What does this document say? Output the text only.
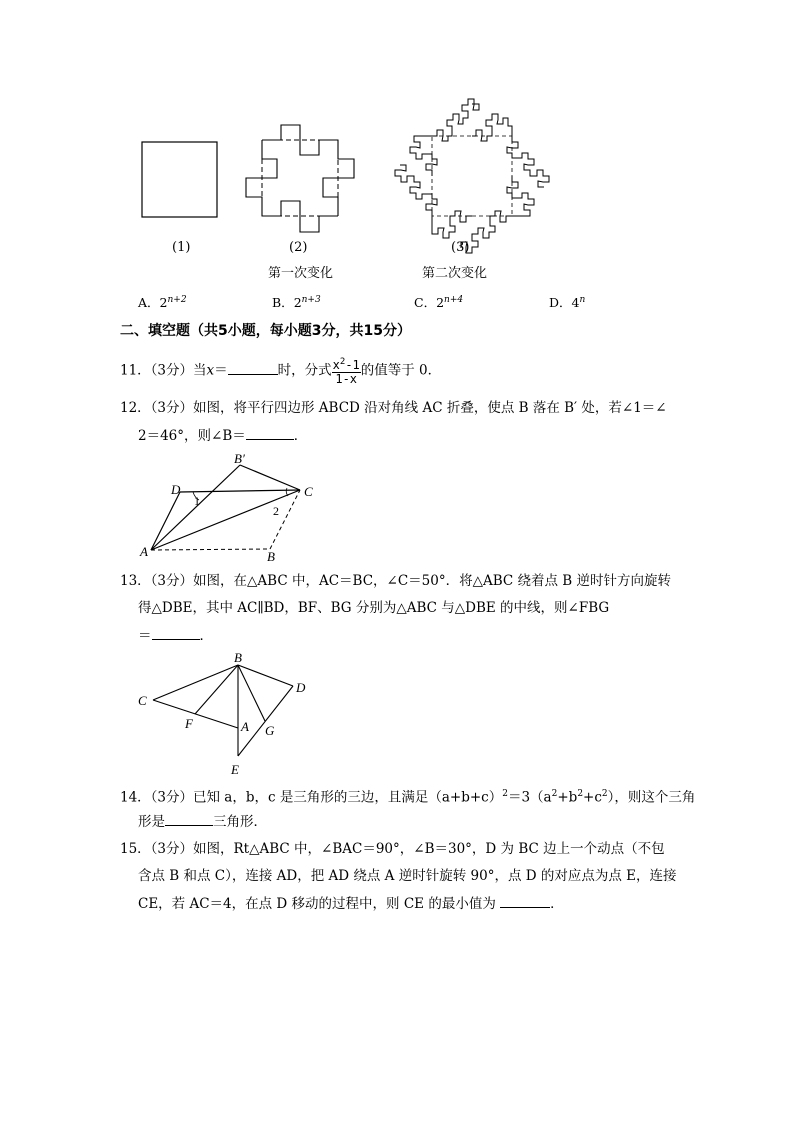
(1)	(2)	(3)
第一次变化	第二次变化
A．$2^{n+2}$	B．$2^{n+3}$	C．$2^{n+4}$	D．4$^n$
二、填空题（共5小题，每小题3分，共15分）
11．（3分）当x＝	时，分式 $\frac{x^2-1}{1-x}$ 的值等于 0．
12．（3分）如图，将平行四边形 ABCD 沿对角线 AC 折叠，使点 B 落在 B′ 处，若∠1＝∠
2＝46°，则∠B＝	．
D
B′
C
A	B
1
2
13．（3分）如图，在△ABC 中，AC＝BC，∠C＝50°．将△ABC 绕着点 B 逆时针方向旋转
得△DBE，其中 AC∥BD，BF、BG 分别为△ABC 与△DBE 的中线，则∠FBG
＝	．
B
C
D
F	A G
E
14．（3分）已知 a，b，c 是三角形的三边，且满足$(a+b+c)^2=3(a^2+b^2+c^2)$，则这个三角
形是	三角形．
15．（3分）如图，Rt△ABC 中，∠BAC＝90°，∠B＝30°，D 为 BC 边上一个动点（不包
含点 B 和点 C），连接 AD，把 AD 绕点 A 逆时针旋转 90°，点 D 的对应点为点 E，连接
CE，若 AC＝4，在点 D 移动的过程中，则 CE 的最小值为	．
